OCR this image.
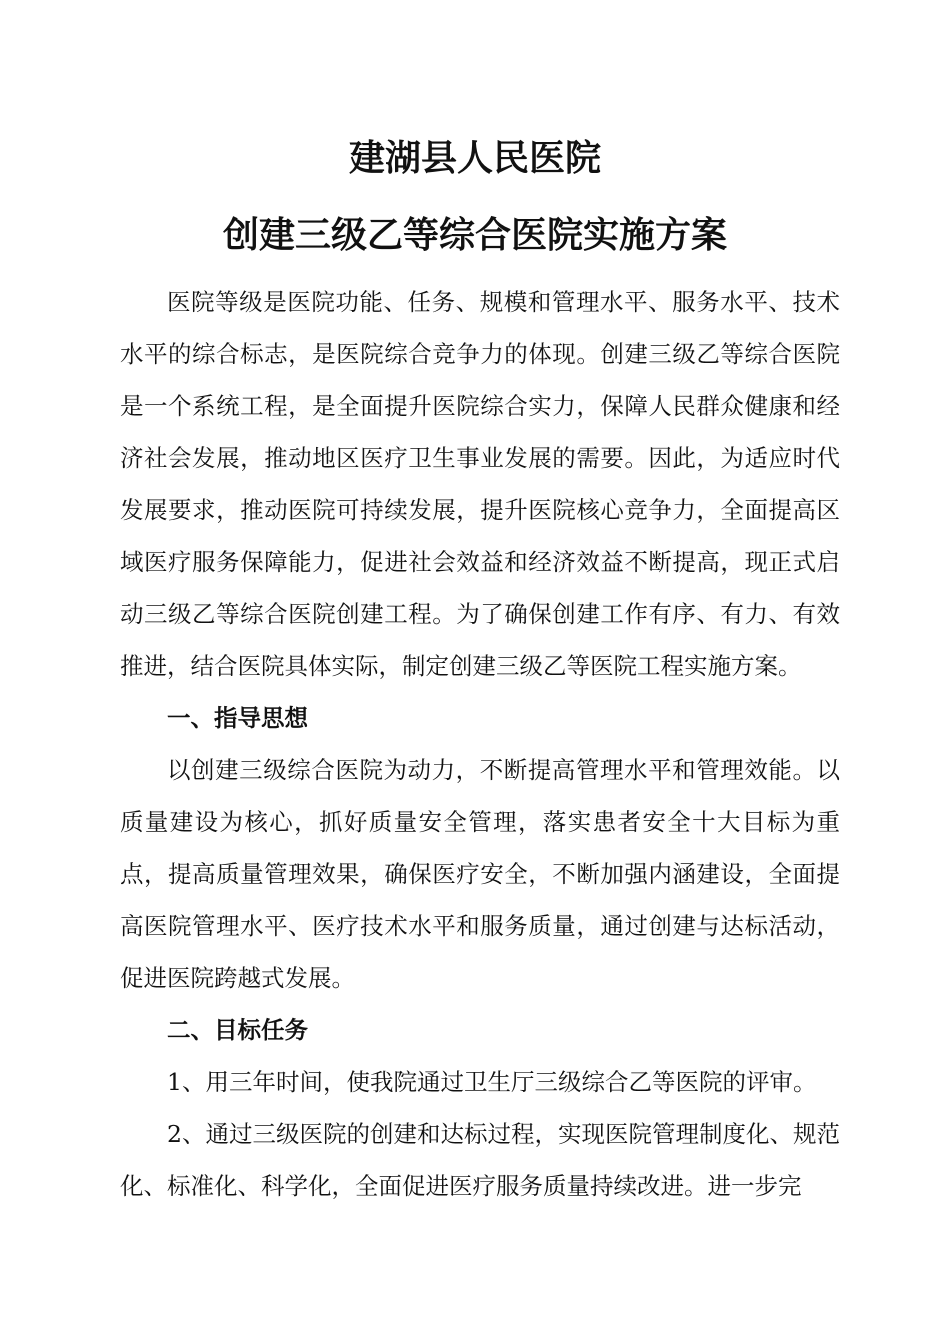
建湖县人民医院
创建三级乙等综合医院实施方案

医院等级是医院功能、任务、规模和管理水平、服务水平、技术水平的综合标志，是医院综合竞争力的体现。创建三级乙等综合医院是一个系统工程，是全面提升医院综合实力，保障人民群众健康和经济社会发展，推动地区医疗卫生事业发展的需要。因此，为适应时代发展要求，推动医院可持续发展，提升医院核心竞争力，全面提高区域医疗服务保障能力，促进社会效益和经济效益不断提高，现正式启动三级乙等综合医院创建工程。为了确保创建工作有序、有力、有效推进，结合医院具体实际，制定创建三级乙等医院工程实施方案。

一、指导思想

以创建三级综合医院为动力，不断提高管理水平和管理效能。以质量建设为核心，抓好质量安全管理，落实患者安全十大目标为重点，提高质量管理效果，确保医疗安全，不断加强内涵建设，全面提高医院管理水平、医疗技术水平和服务质量，通过创建与达标活动，促进医院跨越式发展。

二、目标任务

1、用三年时间，使我院通过卫生厅三级综合乙等医院的评审。

2、通过三级医院的创建和达标过程，实现医院管理制度化、规范化、标准化、科学化，全面促进医疗服务质量持续改进。进一步完
